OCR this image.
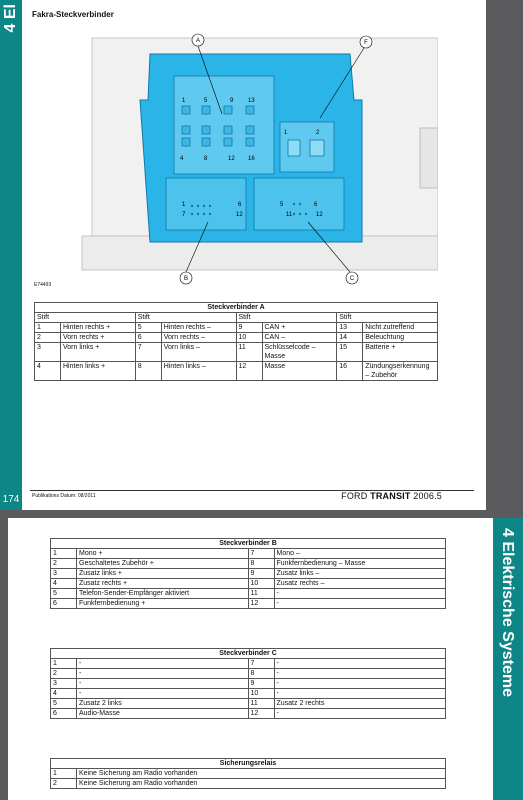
4 El
174
Fakra-Steckverbinder
1	5	9 13
4	8	12 16
1	2
1	6
7	12
5	6
11	12
A	F
B	C
E74493
Steckverbinder A							
Stift		Stift		Stift		Stift	
1	Hinten rechts +	5	Hinten rechts –	9	CAN +	13	Nicht zutreffend
2	Vorn rechts +	6	Vorn rechts –	10	CAN –	14	Beleuchtung
3	Vorn links +	7	Vorn links –	11	Schlüsselcode – Masse	15	Batterie +
4	Hinten links +	8	Hinten links –	12	Masse	16	Zündungserkennung – Zubehör
Publikations Datum: 08/2011	FORD TRANSIT 2006.5
4 Elektrische Systeme
Steckverbinder B			
1	Mono +	7	Mono –
2	Geschaltetes Zubehör +	8	Funkfernbedienung – Masse
3	Zusatz links +	9	Zusatz links –
4	Zusatz rechts +	10	Zusatz rechts –
5	Telefon-Sender-Empfänger aktiviert	11	-
6	Funkfernbedienung +	12	-
Steckverbinder C			
1	-	7	-
2	-	8	-
3	-	9	-
4	-	10	-
5	Zusatz 2 links	11	Zusatz 2 rechts
6	Audio-Masse	12	-
Sicherungsrelais	
1	Keine Sicherung am Radio vorhanden
2	Keine Sicherung am Radio vorhanden
